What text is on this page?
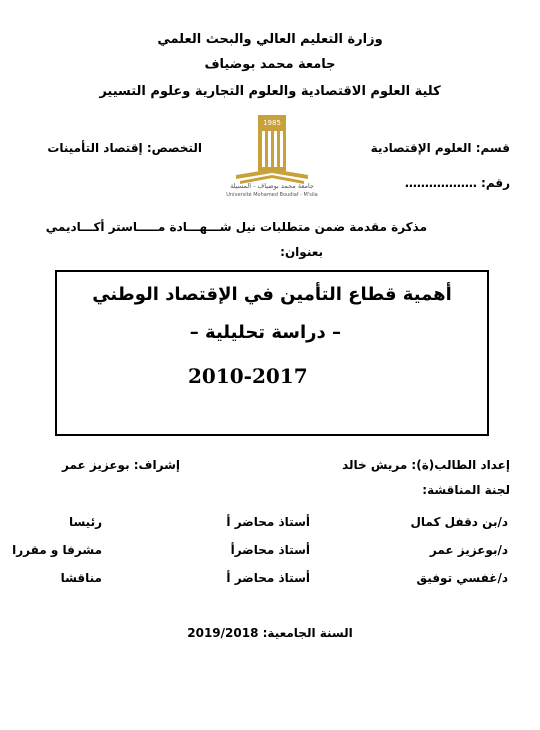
وزارة التعليم العالي والبحث العلمي
جامعة محمد بوضياف
كلية العلوم الاقتصادية والعلوم التجارية وعلوم التسيير
قسم: العلوم الإقتصادية
التخصص: إقتصاد التأمينات
1985
جامعة محمد بوضياف - المسيلة
Université Mohamed Boudiaf - M'sila
رقم: ………………
مذكرة مقدمة ضمن متطلبات نيل شـــهـــادة مـــــاستر أكـــاديمي
بعنوان:
أهمية قطاع التأمين في الإقتصاد الوطني
– دراسة تحليلية –
2010-2017
إعداد الطالب(ة): مريش خالد
إشراف: بوعزيز عمر
لجنة المناقشة:
د/بن دقفل كمال
أستاذ محاضر أ
رئيسا
د/بوعزيز عمر
أستاذ محاضرأ
مشرفا و مقررا
د/غفسي توفيق
أستاذ محاضر أ
مناقشا
السنة الجامعية: 2019/2018
